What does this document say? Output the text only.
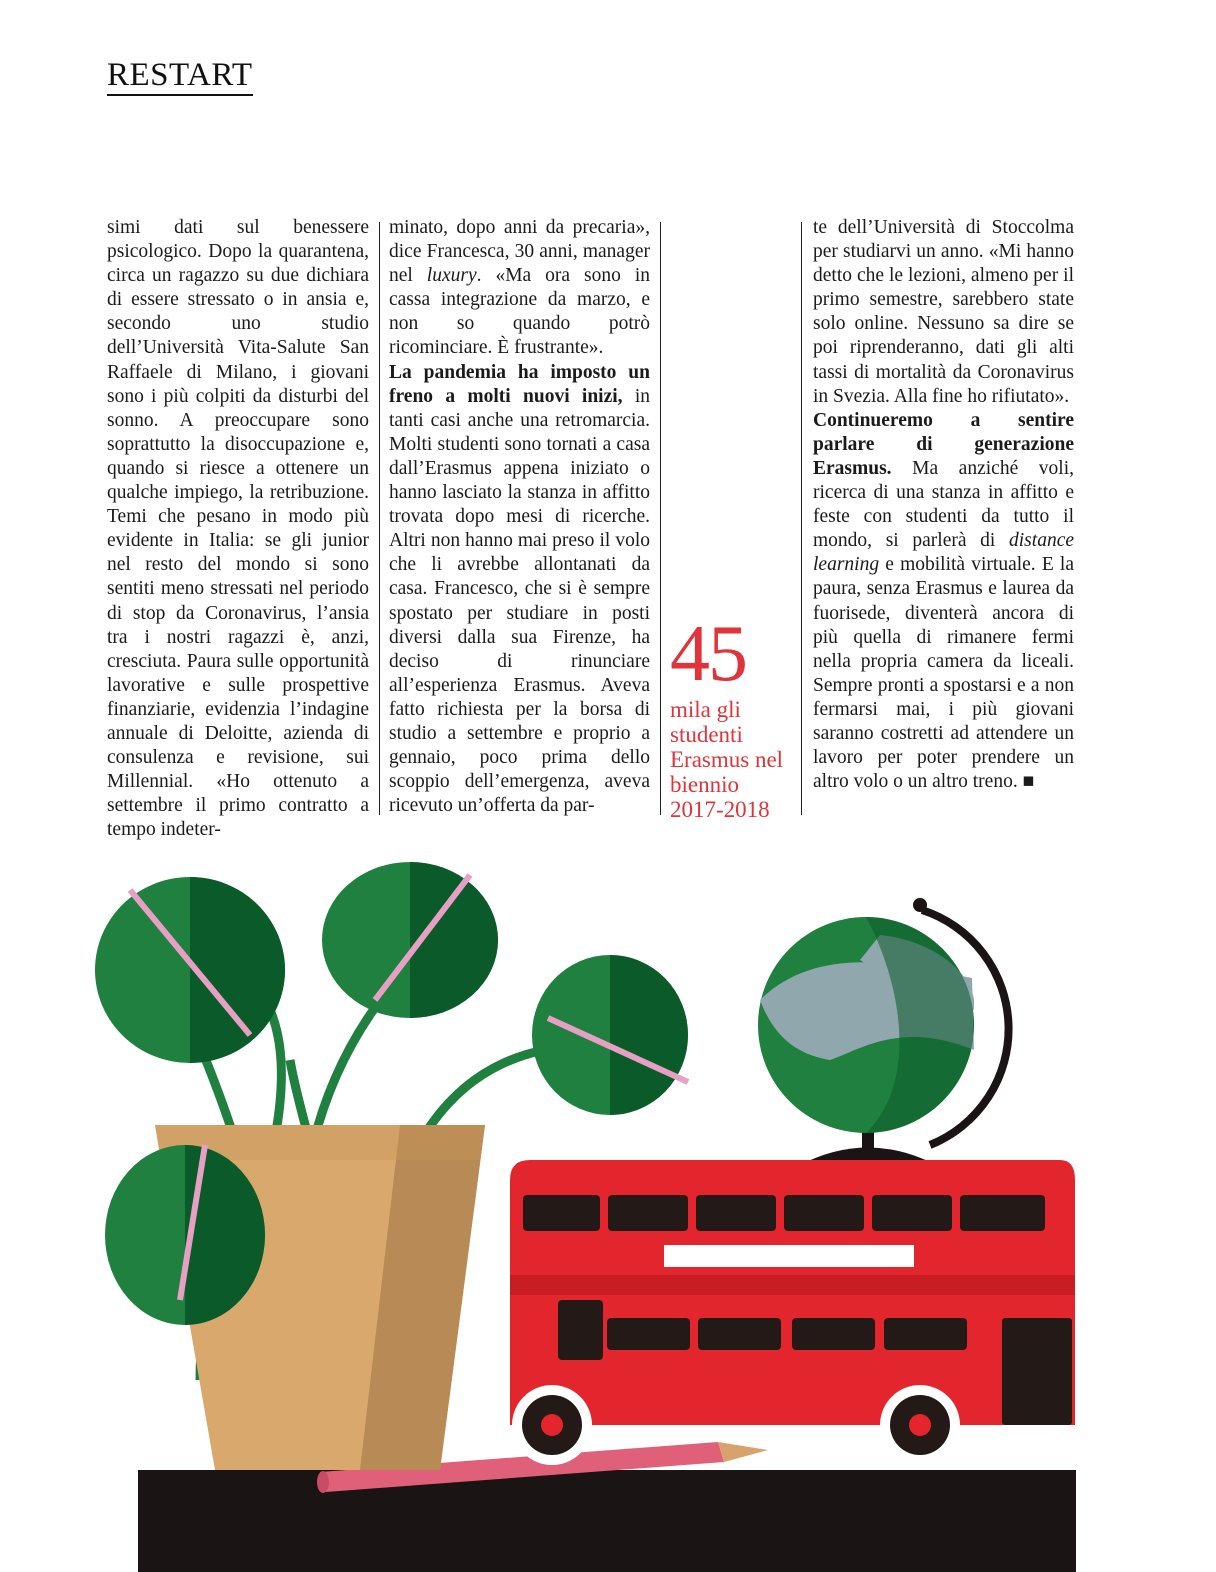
RESTART

simi dati sul benessere psicologico. Dopo la quarantena, circa un ragazzo su due dichiara di essere stressato o in ansia e, secondo uno studio dell’Università Vita-Salute San Raffaele di Milano, i giovani sono i più colpiti da disturbi del sonno. A preoccupare sono soprattutto la disoccupazione e, quando si riesce a ottenere un qualche impiego, la retribuzione. Temi che pesano in modo più evidente in Italia: se gli junior nel resto del mondo si sono sentiti meno stressati nel periodo di stop da Coronavirus, l’ansia tra i nostri ragazzi è, anzi, cresciuta. Paura sulle opportunità lavorative e sulle prospettive finanziarie, evidenzia l’indagine annuale di Deloitte, azienda di consulenza e revisione, sui Millennial. «Ho ottenuto a settembre il primo contratto a tempo indeter-

minato, dopo anni da precaria», dice Francesca, 30 anni, manager nel luxury. «Ma ora sono in cassa integrazione da marzo, e non so quando potrò ricominciare. È frustrante».

La pandemia ha imposto un freno a molti nuovi inizi, in tanti casi anche una retromarcia. Molti studenti sono tornati a casa dall’Erasmus appena iniziato o hanno lasciato la stanza in affitto trovata dopo mesi di ricerche. Altri non hanno mai preso il volo che li avrebbe allontanati da casa. Francesco, che si è sempre spostato per studiare in posti diversi dalla sua Firenze, ha deciso di rinunciare all’esperienza Erasmus. Aveva fatto richiesta per la borsa di studio a settembre e proprio a gennaio, poco prima dello scoppio dell’emergenza, aveva ricevuto un’offerta da par-

45
mila gli studenti Erasmus nel biennio 2017-2018

te dell’Università di Stoccolma per studiarvi un anno. «Mi hanno detto che le lezioni, almeno per il primo semestre, sarebbero state solo online. Nessuno sa dire se poi riprenderanno, dati gli alti tassi di mortalità da Coronavirus in Svezia. Alla fine ho rifiutato».

Continueremo a sentire parlare di generazione Erasmus. Ma anziché voli, ricerca di una stanza in affitto e feste con studenti da tutto il mondo, si parlerà di distance learning e mobilità virtuale. E la paura, senza Erasmus e laurea da fuorisede, diventerà ancora di più quella di rimanere fermi nella propria camera da liceali. Sempre pronti a spostarsi e a non fermarsi mai, i più giovani saranno costretti ad attendere un lavoro per poter prendere un altro volo o un altro treno. ■
